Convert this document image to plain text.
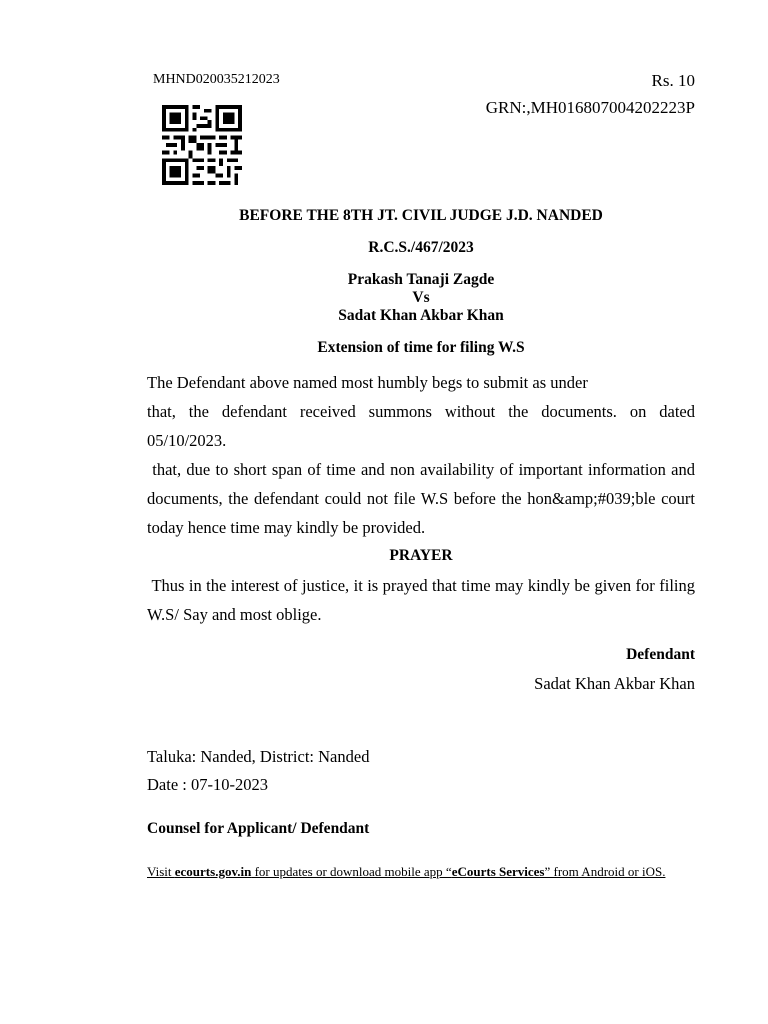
MHND020035212023	Rs. 10
GRN:,MH016807004202223P
BEFORE THE 8TH JT. CIVIL JUDGE J.D. NANDED
R.C.S./467/2023
Prakash Tanaji Zagde
Vs
Sadat Khan Akbar Khan
Extension of time for filing W.S
The Defendant above named most humbly begs to submit as under
that, the defendant received summons without the documents. on dated 05/10/2023.
that, due to short span of time and non availability of important information and documents, the defendant could not file W.S before the hon&amp;#039;ble court today hence time may kindly be provided.
PRAYER
Thus in the interest of justice, it is prayed that time may kindly be given for filing W.S/ Say and most oblige.
Defendant
Sadat Khan Akbar Khan
Taluka: Nanded, District: Nanded
Date : 07-10-2023
Counsel for Applicant/ Defendant
Visit ecourts.gov.in for updates or download mobile app “eCourts Services” from Android or iOS.
